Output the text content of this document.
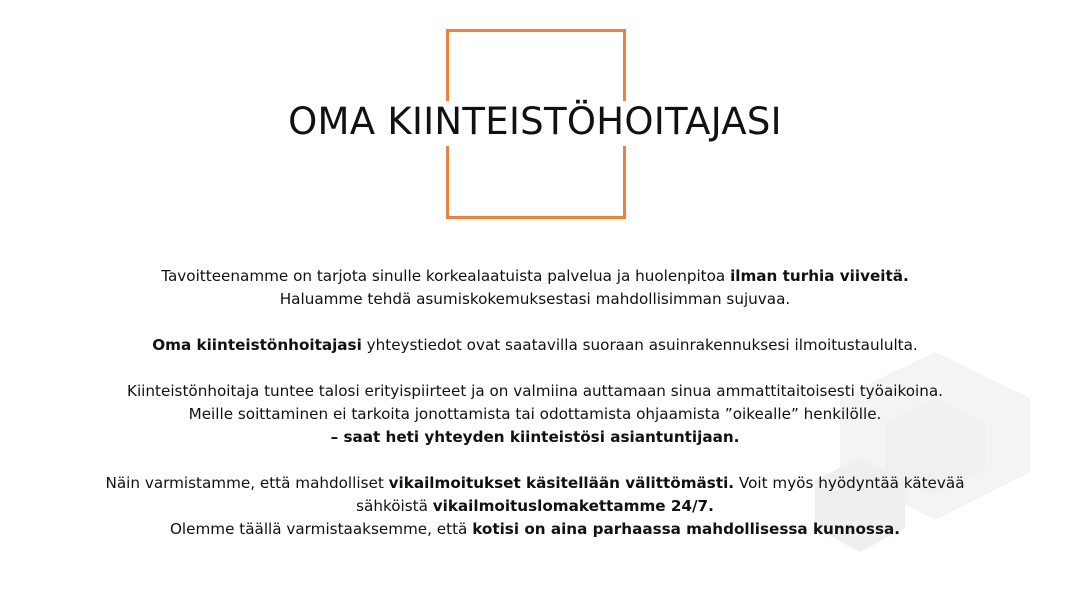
OMA KIINTEISTÖHOITAJASI

Tavoitteenamme on tarjota sinulle korkealaatuista palvelua ja huolenpitoa ilman turhia viiveitä.
Haluamme tehdä asumiskokemuksestasi mahdollisimman sujuvaa.

Oma kiinteistönhoitajasi yhteystiedot ovat saatavilla suoraan asuinrakennuksesi ilmoitustaululta.

Kiinteistönhoitaja tuntee talosi erityispiirteet ja on valmiina auttamaan sinua ammattitaitoisesti työaikoina.
Meille soittaminen ei tarkoita jonottamista tai odottamista ohjaamista ”oikealle” henkilölle.
– saat heti yhteyden kiinteistösi asiantuntijaan.

Näin varmistamme, että mahdolliset vikailmoitukset käsitellään välittömästi. Voit myös hyödyntää kätevää
sähköistä vikailmoituslomakettamme 24/7.
Olemme täällä varmistaaksemme, että kotisi on aina parhaassa mahdollisessa kunnossa.
